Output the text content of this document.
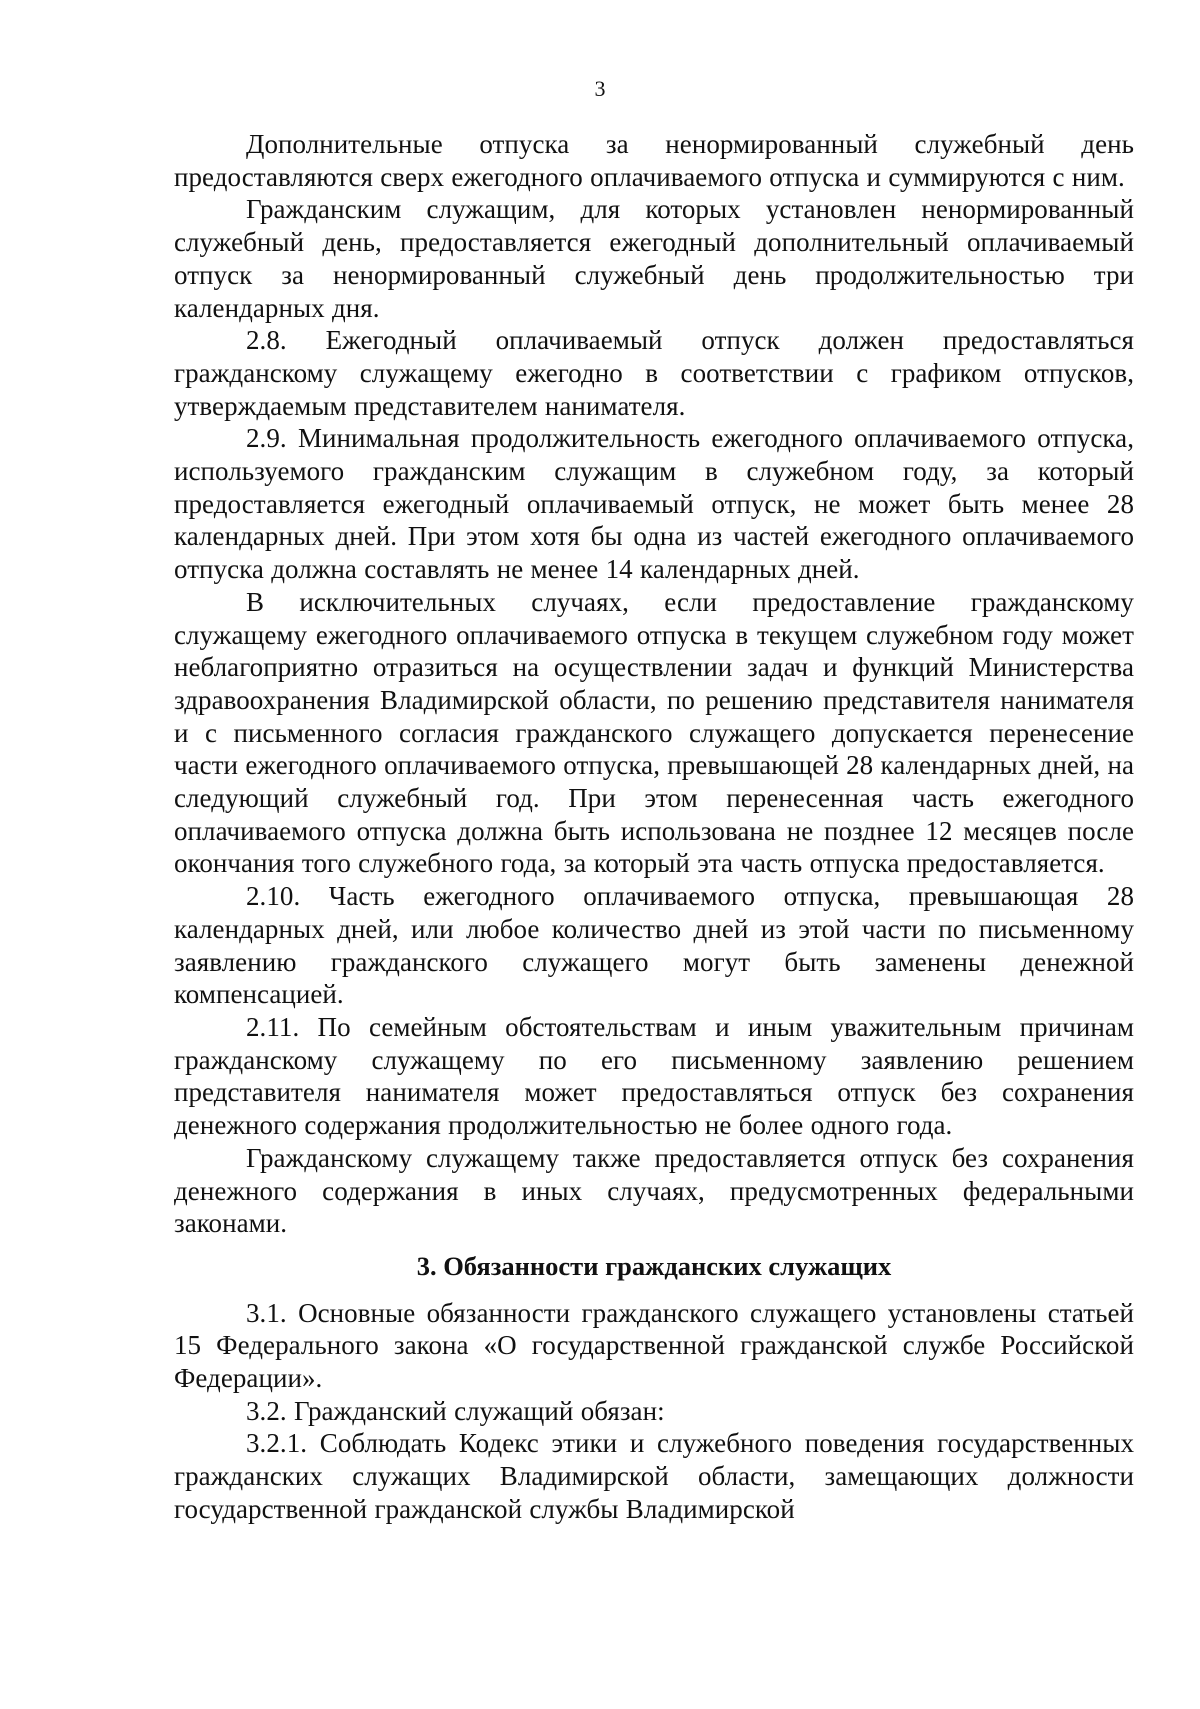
3

Дополнительные отпуска за ненормированный служебный день предоставляются сверх ежегодного оплачиваемого отпуска и суммируются с ним.

Гражданским служащим, для которых установлен ненормированный служебный день, предоставляется ежегодный дополнительный оплачиваемый отпуск за ненормированный служебный день продолжительностью три календарных дня.

2.8. Ежегодный оплачиваемый отпуск должен предоставляться гражданскому служащему ежегодно в соответствии с графиком отпусков, утверждаемым представителем нанимателя.

2.9. Минимальная продолжительность ежегодного оплачиваемого отпуска, используемого гражданским служащим в служебном году, за который предоставляется ежегодный оплачиваемый отпуск, не может быть менее 28 календарных дней. При этом хотя бы одна из частей ежегодного оплачиваемого отпуска должна составлять не менее 14 календарных дней.

В исключительных случаях, если предоставление гражданскому служащему ежегодного оплачиваемого отпуска в текущем служебном году может неблагоприятно отразиться на осуществлении задач и функций Министерства здравоохранения Владимирской области, по решению представителя нанимателя и с письменного согласия гражданского служащего допускается перенесение части ежегодного оплачиваемого отпуска, превышающей 28 календарных дней, на следующий служебный год. При этом перенесенная часть ежегодного оплачиваемого отпуска должна быть использована не позднее 12 месяцев после окончания того служебного года, за который эта часть отпуска предоставляется.

2.10. Часть ежегодного оплачиваемого отпуска, превышающая 28 календарных дней, или любое количество дней из этой части по письменному заявлению гражданского служащего могут быть заменены денежной компенсацией.

2.11. По семейным обстоятельствам и иным уважительным причинам гражданскому служащему по его письменному заявлению решением представителя нанимателя может предоставляться отпуск без сохранения денежного содержания продолжительностью не более одного года.

Гражданскому служащему также предоставляется отпуск без сохранения денежного содержания в иных случаях, предусмотренных федеральными законами.

3. Обязанности гражданских служащих

3.1. Основные обязанности гражданского служащего установлены статьей 15 Федерального закона «О государственной гражданской службе Российской Федерации».

3.2. Гражданский служащий обязан:

3.2.1. Соблюдать Кодекс этики и служебного поведения государственных гражданских служащих Владимирской области, замещающих должности государственной гражданской службы Владимирской
